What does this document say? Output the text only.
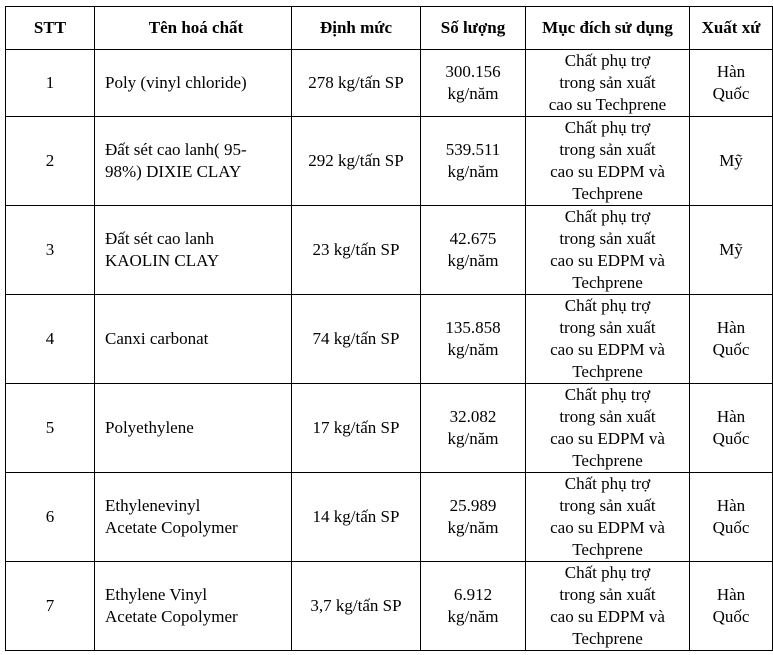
STT	Tên hoá chất	Định mức	Số lượng	Mục đích sử dụng	Xuất xứ
1	Poly (vinyl chloride)	278 kg/tấn SP	300.156
kg/năm	Chất phụ trợ
trong sản xuất
cao su Techprene	Hàn
Quốc

2	Đất sét cao lanh( 95-
98%) DIXIE CLAY	292 kg/tấn SP	539.511
kg/năm	Chất phụ trợ
trong sản xuất
cao su EDPM và
Techprene	Mỹ

3	Đất sét cao lanh
KAOLIN CLAY	23 kg/tấn SP	42.675
kg/năm	Chất phụ trợ
trong sản xuất
cao su EDPM và
Techprene	Mỹ

4	Canxi carbonat	74 kg/tấn SP	135.858
kg/năm	Chất phụ trợ
trong sản xuất
cao su EDPM và
Techprene	Hàn
Quốc

5	Polyethylene	17 kg/tấn SP	32.082
kg/năm	Chất phụ trợ
trong sản xuất
cao su EDPM và
Techprene	Hàn
Quốc

6	Ethylenevinyl
Acetate Copolymer	14 kg/tấn SP	25.989
kg/năm	Chất phụ trợ
trong sản xuất
cao su EDPM và
Techprene	Hàn
Quốc

7	Ethylene Vinyl
Acetate Copolymer	3,7 kg/tấn SP	6.912
kg/năm	Chất phụ trợ
trong sản xuất
cao su EDPM và
Techprene	Hàn
Quốc
